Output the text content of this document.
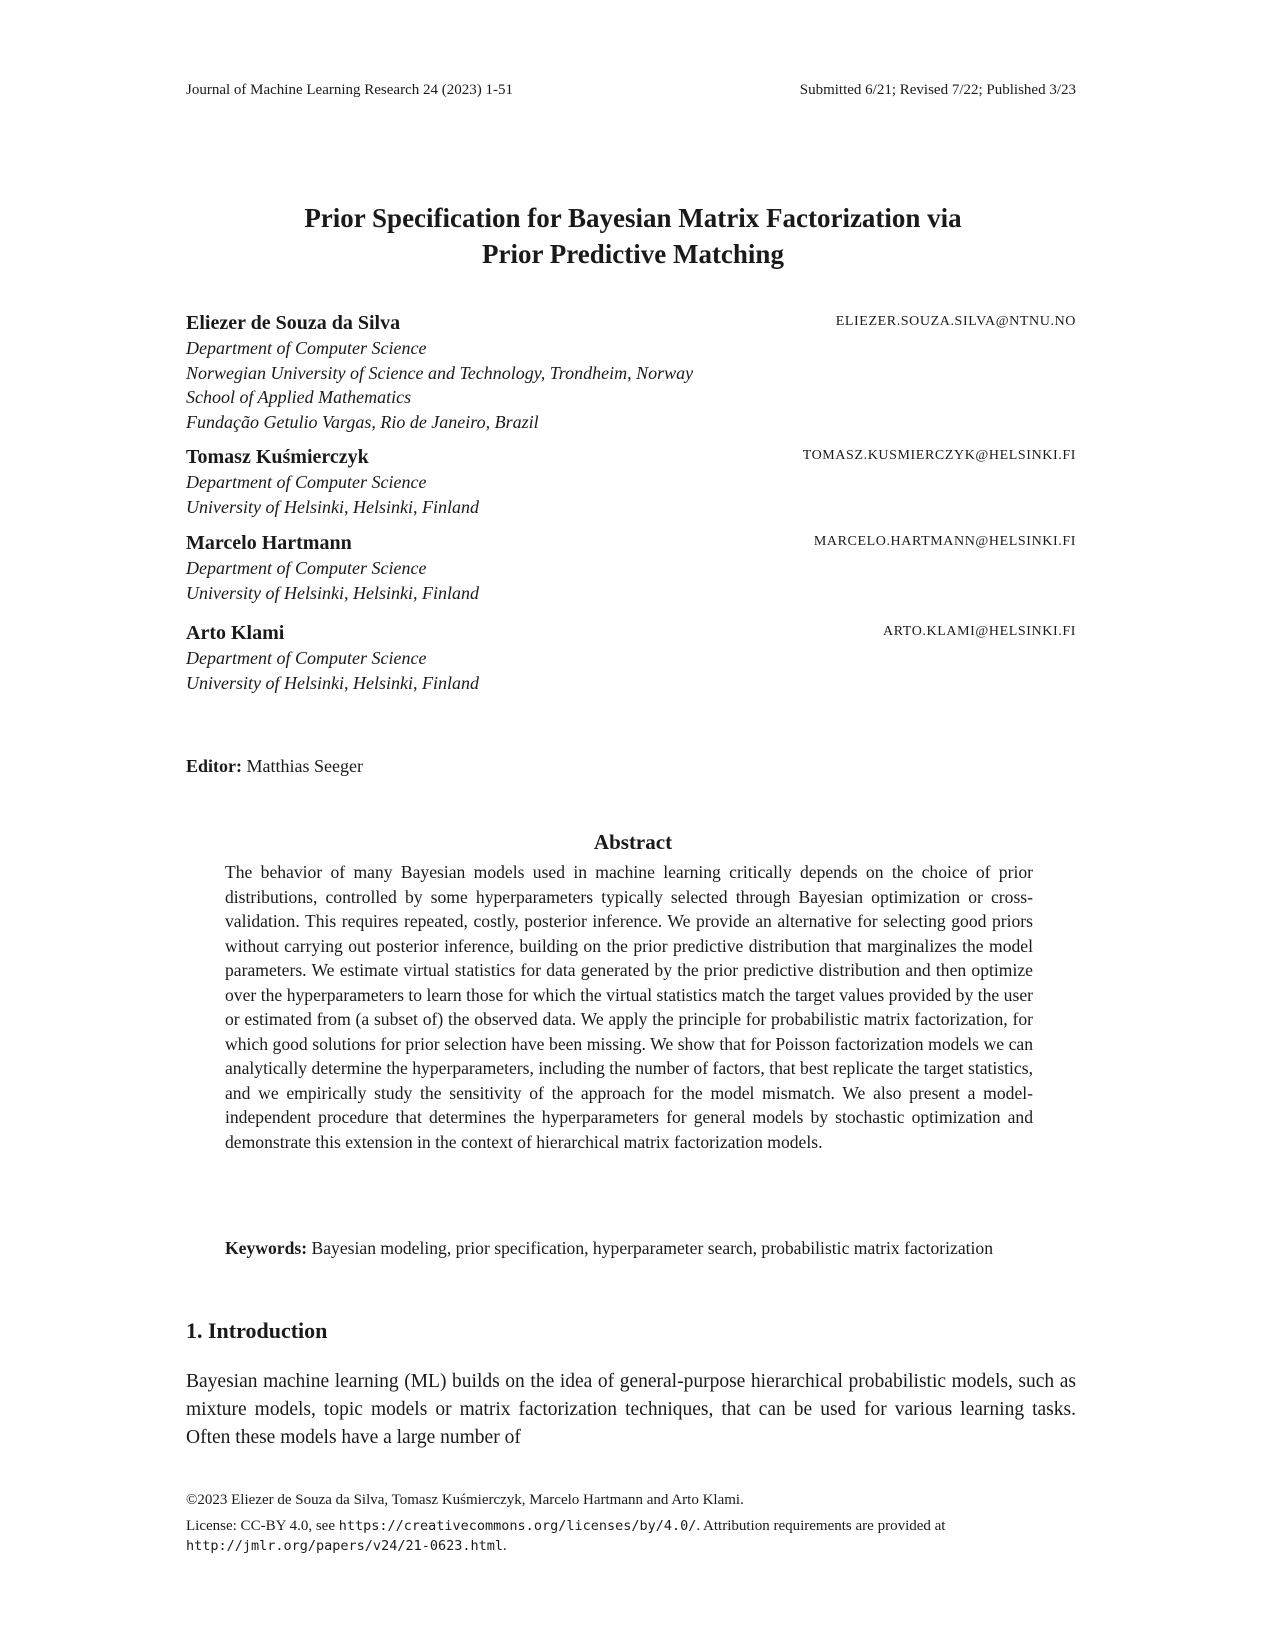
Journal of Machine Learning Research 24 (2023) 1-51	Submitted 6/21; Revised 7/22; Published 3/23
Prior Specification for Bayesian Matrix Factorization via
Prior Predictive Matching
Eliezer de Souza da Silva	ELIEZER.SOUZA.SILVA@NTNU.NO
Department of Computer Science
Norwegian University of Science and Technology, Trondheim, Norway
School of Applied Mathematics
Fundação Getulio Vargas, Rio de Janeiro, Brazil
Tomasz Kuśmierczyk	TOMASZ.KUSMIERCZYK@HELSINKI.FI
Department of Computer Science
University of Helsinki, Helsinki, Finland
Marcelo Hartmann	MARCELO.HARTMANN@HELSINKI.FI
Department of Computer Science
University of Helsinki, Helsinki, Finland
Arto Klami	ARTO.KLAMI@HELSINKI.FI
Department of Computer Science
University of Helsinki, Helsinki, Finland
Editor: Matthias Seeger
Abstract
The behavior of many Bayesian models used in machine learning critically depends on the choice of prior distributions, controlled by some hyperparameters typically selected through Bayesian optimization or cross-validation. This requires repeated, costly, posterior inference. We provide an alternative for selecting good priors without carrying out posterior inference, building on the prior predictive distribution that marginalizes the model parameters. We estimate virtual statistics for data generated by the prior predictive distribution and then optimize over the hyperparameters to learn those for which the virtual statistics match the target values provided by the user or estimated from (a subset of) the observed data. We apply the principle for probabilistic matrix factorization, for which good solutions for prior selection have been missing. We show that for Poisson factorization models we can analytically determine the hyperparameters, including the number of factors, that best replicate the target statistics, and we empirically study the sensitivity of the approach for the model mismatch. We also present a model-independent procedure that determines the hyperparameters for general models by stochastic optimization and demonstrate this extension in the context of hierarchical matrix factorization models.
Keywords: Bayesian modeling, prior specification, hyperparameter search, probabilistic matrix factorization
1. Introduction
Bayesian machine learning (ML) builds on the idea of general-purpose hierarchical probabilistic models, such as mixture models, topic models or matrix factorization techniques, that can be used for various learning tasks. Often these models have a large number of
©2023 Eliezer de Souza da Silva, Tomasz Kuśmierczyk, Marcelo Hartmann and Arto Klami.
License: CC-BY 4.0, see https://creativecommons.org/licenses/by/4.0/. Attribution requirements are provided at http://jmlr.org/papers/v24/21-0623.html.
